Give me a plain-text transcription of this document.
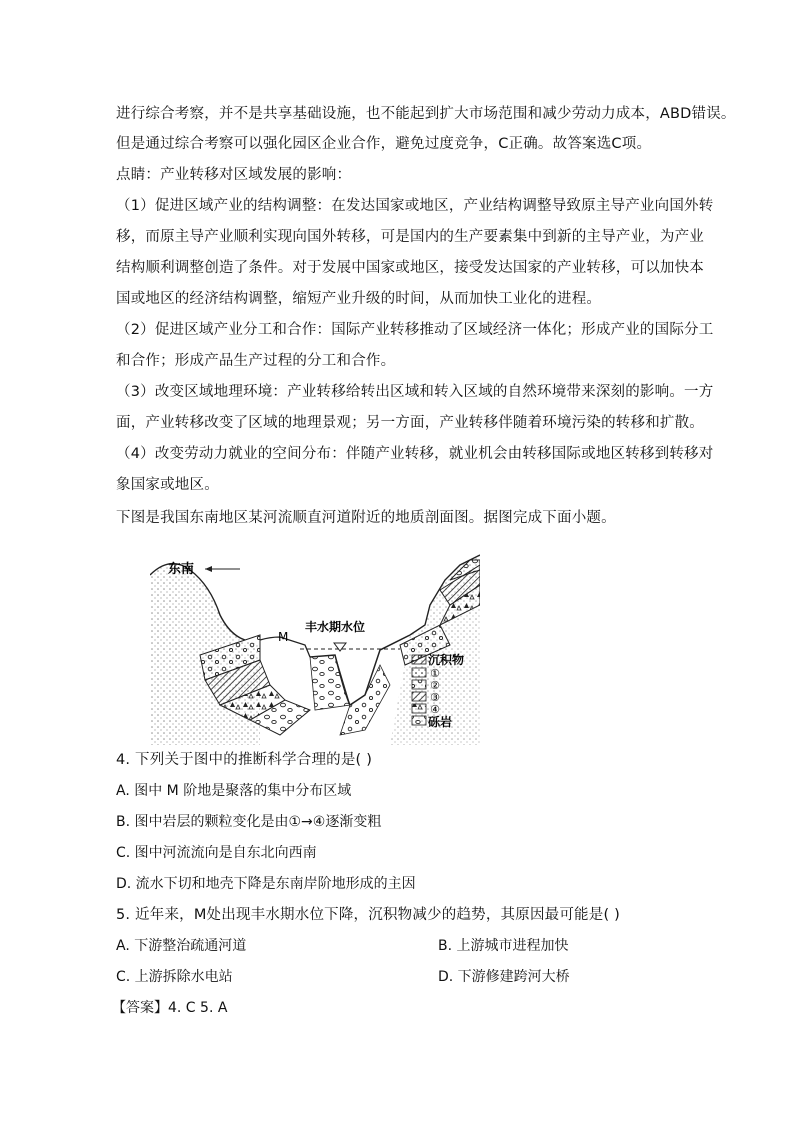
进行综合考察，并不是共享基础设施，也不能起到扩大市场范围和减少劳动力成本，ABD错误。
但是通过综合考察可以强化园区企业合作，避免过度竞争，C正确。故答案选C项。
点睛：产业转移对区域发展的影响：
（1）促进区域产业的结构调整：在发达国家或地区，产业结构调整导致原主导产业向国外转
移，而原主导产业顺利实现向国外转移，可是国内的生产要素集中到新的主导产业，为产业
结构顺利调整创造了条件。对于发展中国家或地区，接受发达国家的产业转移，可以加快本
国或地区的经济结构调整，缩短产业升级的时间，从而加快工业化的进程。
（2）促进区域产业分工和合作：国际产业转移推动了区域经济一体化；形成产业的国际分工
和合作；形成产品生产过程的分工和合作。
（3）改变区域地理环境：产业转移给转出区域和转入区域的自然环境带来深刻的影响。一方
面，产业转移改变了区域的地理景观；另一方面，产业转移伴随着环境污染的转移和扩散。
（4）改变劳动力就业的空间分布：伴随产业转移，就业机会由转移国际或地区转移到转移对
象国家或地区。
下图是我国东南地区某河流顺直河道附近的地质剖面图。据图完成下面小题。
东南
M
丰水期水位
沉积物
①
②
③
④
砾岩
4. 下列关于图中的推断科学合理的是( )
A. 图中 M 阶地是聚落的集中分布区域
B. 图中岩层的颗粒变化是由①→④逐渐变粗
C. 图中河流流向是自东北向西南
D. 流水下切和地壳下降是东南岸阶地形成的主因
5. 近年来，M处出现丰水期水位下降，沉积物减少的趋势，其原因最可能是( )
A. 下游整治疏通河道	B. 上游城市进程加快
C. 上游拆除水电站	D. 下游修建跨河大桥
【答案】4. C 5. A
